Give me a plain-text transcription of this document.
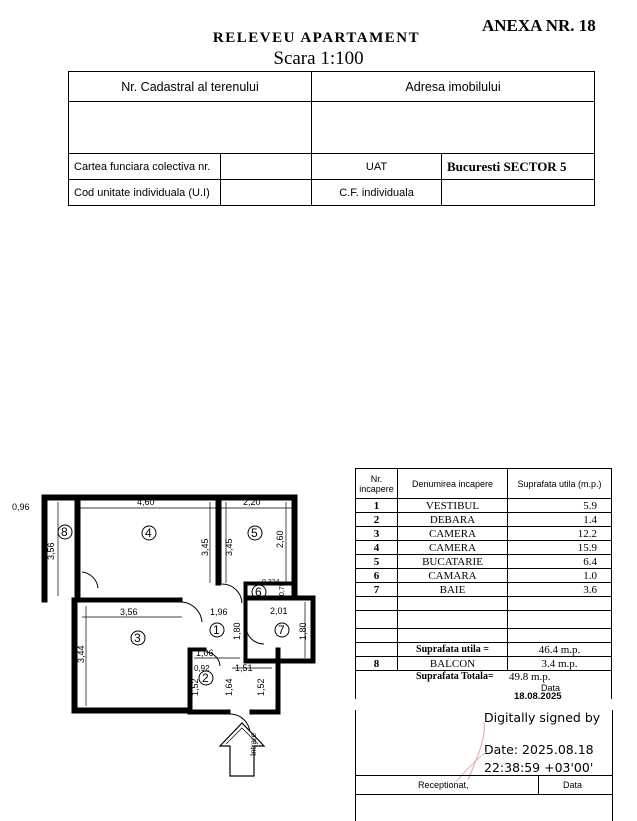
ANEXA NR. 18
RELEVEU APARTAMENT
Scara 1:100
Nr. Cadastral al terenului		Adresa imobilului	

Cartea funciara colectiva nr.		UAT	Bucuresti SECTOR 5
Cod unitate individuala (U.I)		C.F. individuala	
0,96	4,60	2,20
3,56	3,45 3,45	2,60
0,324 0,75
3,56	1,96	2,01
3,44
1,80	1,80
1,06
0,92	1,51
1,52	1,64 1,52
Intrare
8	4	5
6
3
1	7
2
Nr. incapere	Denumirea incapere	Suprafata utila (m.p.)
1	VESTIBUL	5.9
2	DEBARA	1.4
3	CAMERA	12.2
4	CAMERA	15.9
5	BUCATARIE	6.4
6	CAMARA	1.0
7	BAIE	3.6

	Suprafata utila =	46.4 m.p.
8	BALCON	3.4 m.p.

Suprafata Totala= 49.8 m.p.
Data
18.08.2025		
Digitally signed by
Date: 2025.08.18
22:38:59 +03'00'
Receptionat,	Data
